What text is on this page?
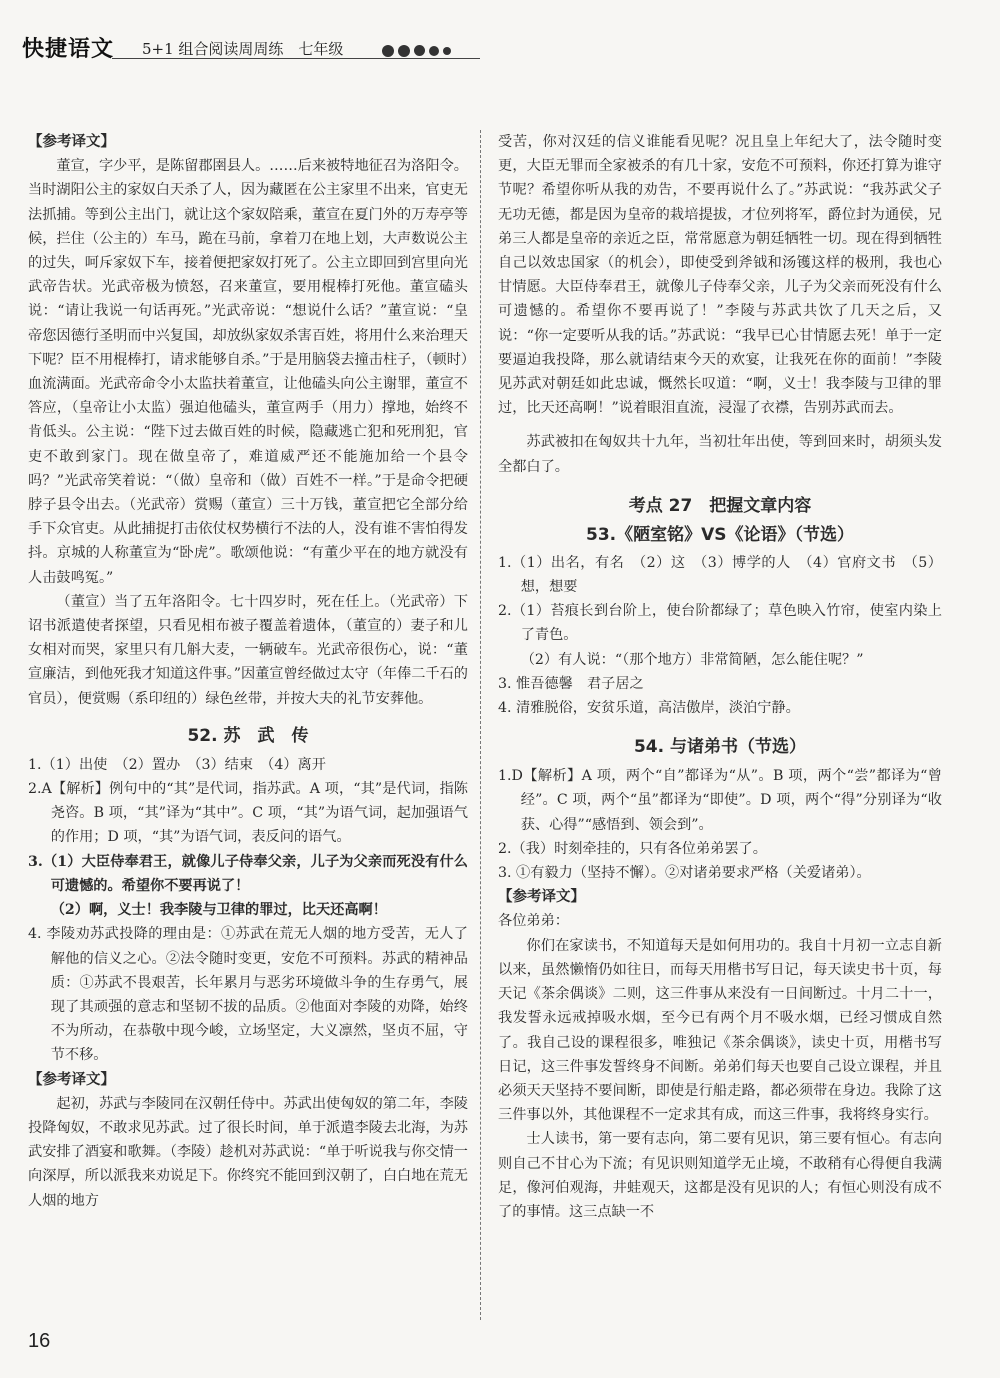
快捷语文 5+1 组合阅读周周练　七年级

【参考译文】

董宣，字少平，是陈留郡圉县人。……后来被特地征召为洛阳令。当时湖阳公主的家奴白天杀了人，因为藏匿在公主家里不出来，官吏无法抓捕。等到公主出门，就让这个家奴陪乘，董宣在夏门外的万寿亭等候，拦住（公主的）车马，跪在马前，拿着刀在地上划，大声数说公主的过失，呵斥家奴下车，接着便把家奴打死了。公主立即回到宫里向光武帝告状。光武帝极为愤怒，召来董宣，要用棍棒打死他。董宣磕头说：“请让我说一句话再死。”光武帝说：“想说什么话？”董宣说：“皇帝您因德行圣明而中兴复国，却放纵家奴杀害百姓，将用什么来治理天下呢？臣不用棍棒打，请求能够自杀。”于是用脑袋去撞击柱子，（顿时）血流满面。光武帝命令小太监扶着董宣，让他磕头向公主谢罪，董宣不答应，（皇帝让小太监）强迫他磕头，董宣两手（用力）撑地，始终不肯低头。公主说：“陛下过去做百姓的时候，隐藏逃亡犯和死刑犯，官吏不敢到家门。现在做皇帝了，难道威严还不能施加给一个县令吗？”光武帝笑着说：“（做）皇帝和（做）百姓不一样。”于是命令把硬脖子县令出去。（光武帝）赏赐（董宣）三十万钱，董宣把它全部分给手下众官吏。从此捕捉打击依仗权势横行不法的人，没有谁不害怕得发抖。京城的人称董宣为“卧虎”。歌颂他说：“有董少平在的地方就没有人击鼓鸣冤。”

（董宣）当了五年洛阳令。七十四岁时，死在任上。（光武帝）下诏书派遣使者探望，只看见相布被子覆盖着遗体，（董宣的）妻子和儿女相对而哭，家里只有几斛大麦，一辆破车。光武帝很伤心，说：“董宣廉洁，到他死我才知道这件事。”因董宣曾经做过太守（年俸二千石的官员），便赏赐（系印纽的）绿色丝带，并按大夫的礼节安葬他。

52. 苏　武　传

1.（1）出使　（2）置办　（3）结束　（4）离开

2.A【解析】例句中的“其”是代词，指苏武。A 项，“其”是代词，指陈尧咨。B 项，“其”译为“其中”。C 项，“其”为语气词，起加强语气的作用；D 项，“其”为语气词，表反问的语气。

3.（1）大臣侍奉君王，就像儿子侍奉父亲，儿子为父亲而死没有什么可遗憾的。希望你不要再说了！

（2）啊，义士！我李陵与卫律的罪过，比天还高啊！

4. 李陵劝苏武投降的理由是：①苏武在荒无人烟的地方受苦，无人了解他的信义之心。②法令随时变更，安危不可预料。苏武的精神品质：①苏武不畏艰苦，长年累月与恶劣环境做斗争的生存勇气，展现了其顽强的意志和坚韧不拔的品质。②他面对李陵的劝降，始终不为所动，在恭敬中现今峻，立场坚定，大义凛然，坚贞不屈，守节不移。

【参考译文】

起初，苏武与李陵同在汉朝任侍中。苏武出使匈奴的第二年，李陵投降匈奴，不敢求见苏武。过了很长时间，单于派遣李陵去北海，为苏武安排了酒宴和歌舞。（李陵）趁机对苏武说：“单于听说我与你交情一向深厚，所以派我来劝说足下。你终究不能回到汉朝了，白白地在荒无人烟的地方

受苦，你对汉廷的信义谁能看见呢？况且皇上年纪大了，法令随时变更，大臣无罪而全家被杀的有几十家，安危不可预料，你还打算为谁守节呢？希望你听从我的劝告，不要再说什么了。”苏武说：“我苏武父子无功无德，都是因为皇帝的栽培提拔，才位列将军，爵位封为通侯，兄弟三人都是皇帝的亲近之臣，常常愿意为朝廷牺牲一切。现在得到牺牲自己以效忠国家（的机会），即使受到斧钺和汤镬这样的极刑，我也心甘情愿。大臣侍奉君王，就像儿子侍奉父亲，儿子为父亲而死没有什么可遗憾的。希望你不要再说了！”李陵与苏武共饮了几天之后，又说：“你一定要听从我的话。”苏武说：“我早已心甘情愿去死！单于一定要逼迫我投降，那么就请结束今天的欢宴，让我死在你的面前！”李陵见苏武对朝廷如此忠诚，慨然长叹道：“啊，义士！我李陵与卫律的罪过，比天还高啊！”说着眼泪直流，浸湿了衣襟，告别苏武而去。

苏武被扣在匈奴共十九年，当初壮年出使，等到回来时，胡须头发全都白了。

考点 27　把握文章内容
53.《陋室铭》VS《论语》（节选）

1.（1）出名，有名　（2）这　（3）博学的人　（4）官府文书　（5）想，想要

2.（1）苔痕长到台阶上，使台阶都绿了；草色映入竹帘，使室内染上了青色。

（2）有人说：“（那个地方）非常简陋，怎么能住呢？”

3. 惟吾德馨　君子居之

4. 清雅脱俗，安贫乐道，高洁傲岸，淡泊宁静。

54. 与诸弟书（节选）

1.D【解析】A 项，两个“自”都译为“从”。B 项，两个“尝”都译为“曾经”。C 项，两个“虽”都译为“即使”。D 项，两个“得”分别译为“收获、心得”“感悟到、领会到”。

2.（我）时刻牵挂的，只有各位弟弟罢了。

3. ①有毅力（坚持不懈）。②对诸弟要求严格（关爱诸弟）。

【参考译文】

各位弟弟：

你们在家读书，不知道每天是如何用功的。我自十月初一立志自新以来，虽然懒惰仍如往日，而每天用楷书写日记，每天读史书十页，每天记《茶余偶谈》二则，这三件事从来没有一日间断过。十月二十一，我发誓永远戒掉吸水烟，至今已有两个月不吸水烟，已经习惯成自然了。我自己设的课程很多，唯独记《茶余偶谈》，读史十页，用楷书写日记，这三件事发誓终身不间断。弟弟们每天也要自己设立课程，并且必须天天坚持不要间断，即使是行船走路，都必须带在身边。我除了这三件事以外，其他课程不一定求其有成，而这三件事，我将终身实行。

士人读书，第一要有志向，第二要有见识，第三要有恒心。有志向则自己不甘心为下流；有见识则知道学无止境，不敢稍有心得便自我满足，像河伯观海，井蛙观天，这都是没有见识的人；有恒心则没有成不了的事情。这三点缺一不

16
